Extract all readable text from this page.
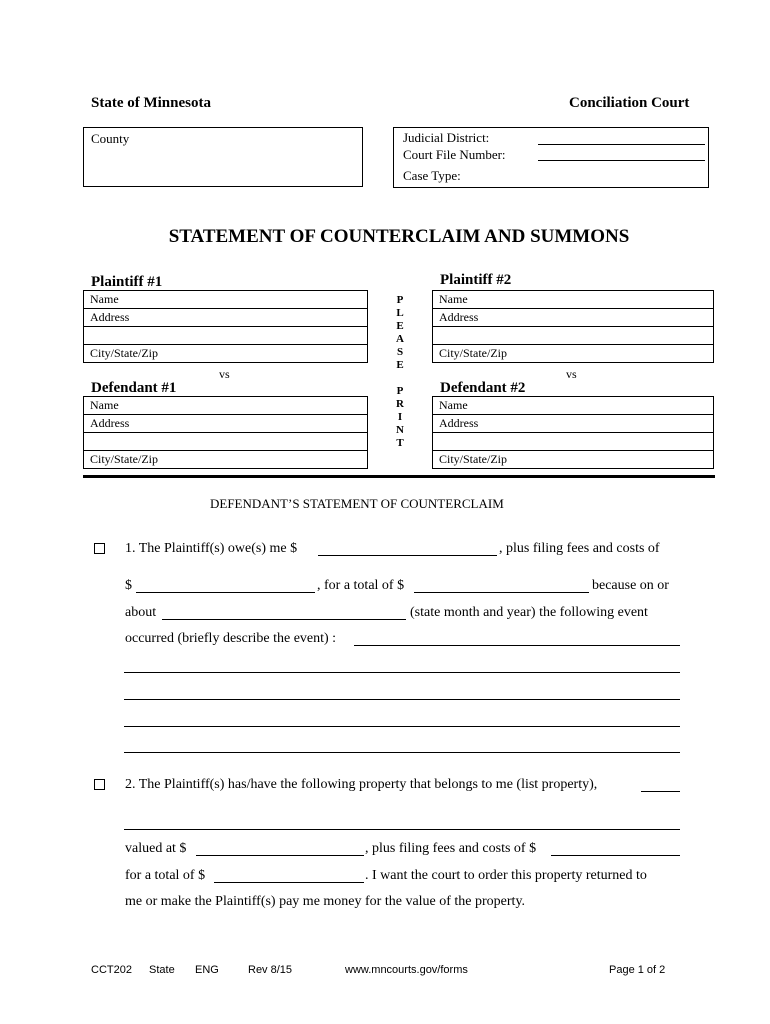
State of Minnesota	Conciliation Court
County	Judicial District:
Court File Number:
Case Type:
STATEMENT OF COUNTERCLAIM AND SUMMONS
Plaintiff #1	Plaintiff #2
Name
Address
City/State/Zip
Name
Address
City/State/Zip
vs	vs
P
L
E
A
S
E
P
R
I
N
T
Defendant #1	Defendant #2
Name
Address
City/State/Zip
Name
Address
City/State/Zip
DEFENDANT’S STATEMENT OF COUNTERCLAIM
1. The Plaintiff(s) owe(s) me $	, plus filing fees and costs of
$	, for a total of $	because on or
about	(state month and year) the following event
occurred (briefly describe the event) :
2. The Plaintiff(s) has/have the following property that belongs to me (list property),
valued at $	, plus filing fees and costs of $
for a total of $	. I want the court to order this property returned to
me or make the Plaintiff(s) pay me money for the value of the property.
CCT202 State ENG	Rev 8/15	www.mncourts.gov/forms	Page 1 of 2
